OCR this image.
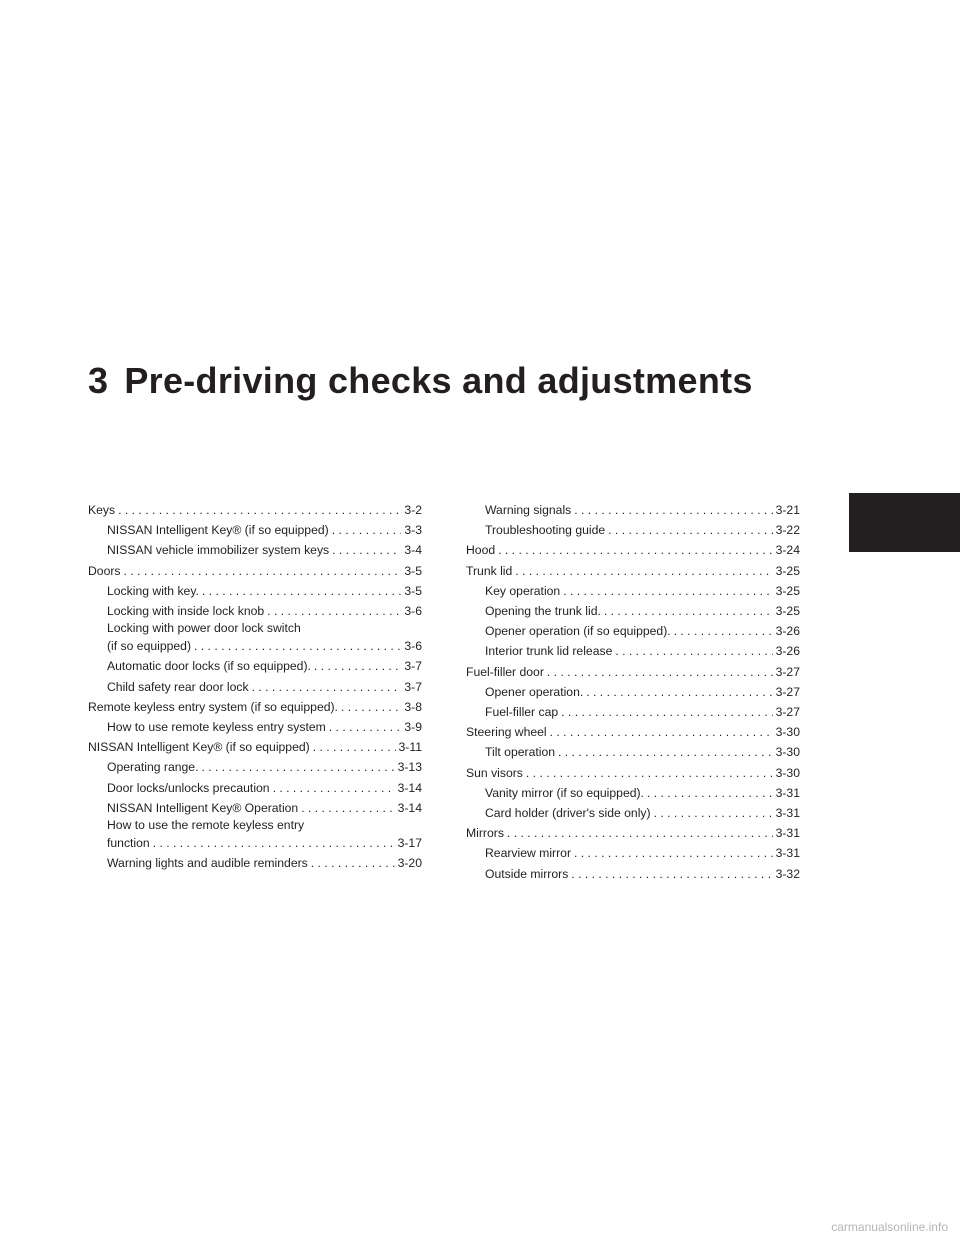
3 Pre-driving checks and adjustments
Keys . . .	3-2
NISSAN Intelligent Key® (if so equipped) . . .	3-3
NISSAN vehicle immobilizer system keys . . .	3-4
Doors . . .	3-5
Locking with key. . . .	3-5
Locking with inside lock knob . . .	3-6
Locking with power door lock switch
(if so equipped) . . .	3-6
Automatic door locks (if so equipped). . . .	3-7
Child safety rear door lock . . .	3-7
Remote keyless entry system (if so equipped). . . .	3-8
How to use remote keyless entry system . . .	3-9
NISSAN Intelligent Key® (if so equipped) . . .	3-11
Operating range. . . .	3-13
Door locks/unlocks precaution . . .	3-14
NISSAN Intelligent Key® Operation . . .	3-14
How to use the remote keyless entry
function . . .	3-17
Warning lights and audible reminders . . .	3-20
Warning signals . . .	3-21
Troubleshooting guide . . .	3-22
Hood . . .	3-24
Trunk lid . . .	3-25
Key operation . . .	3-25
Opening the trunk lid. . . .	3-25
Opener operation (if so equipped). . . .	3-26
Interior trunk lid release . . .	3-26
Fuel-filler door . . .	3-27
Opener operation. . . .	3-27
Fuel-filler cap . . .	3-27
Steering wheel . . .	3-30
Tilt operation . . .	3-30
Sun visors . . .	3-30
Vanity mirror (if so equipped). . . .	3-31
Card holder (driver's side only) . . .	3-31
Mirrors . . .	3-31
Rearview mirror . . .	3-31
Outside mirrors . . .	3-32
carmanualsonline.info
